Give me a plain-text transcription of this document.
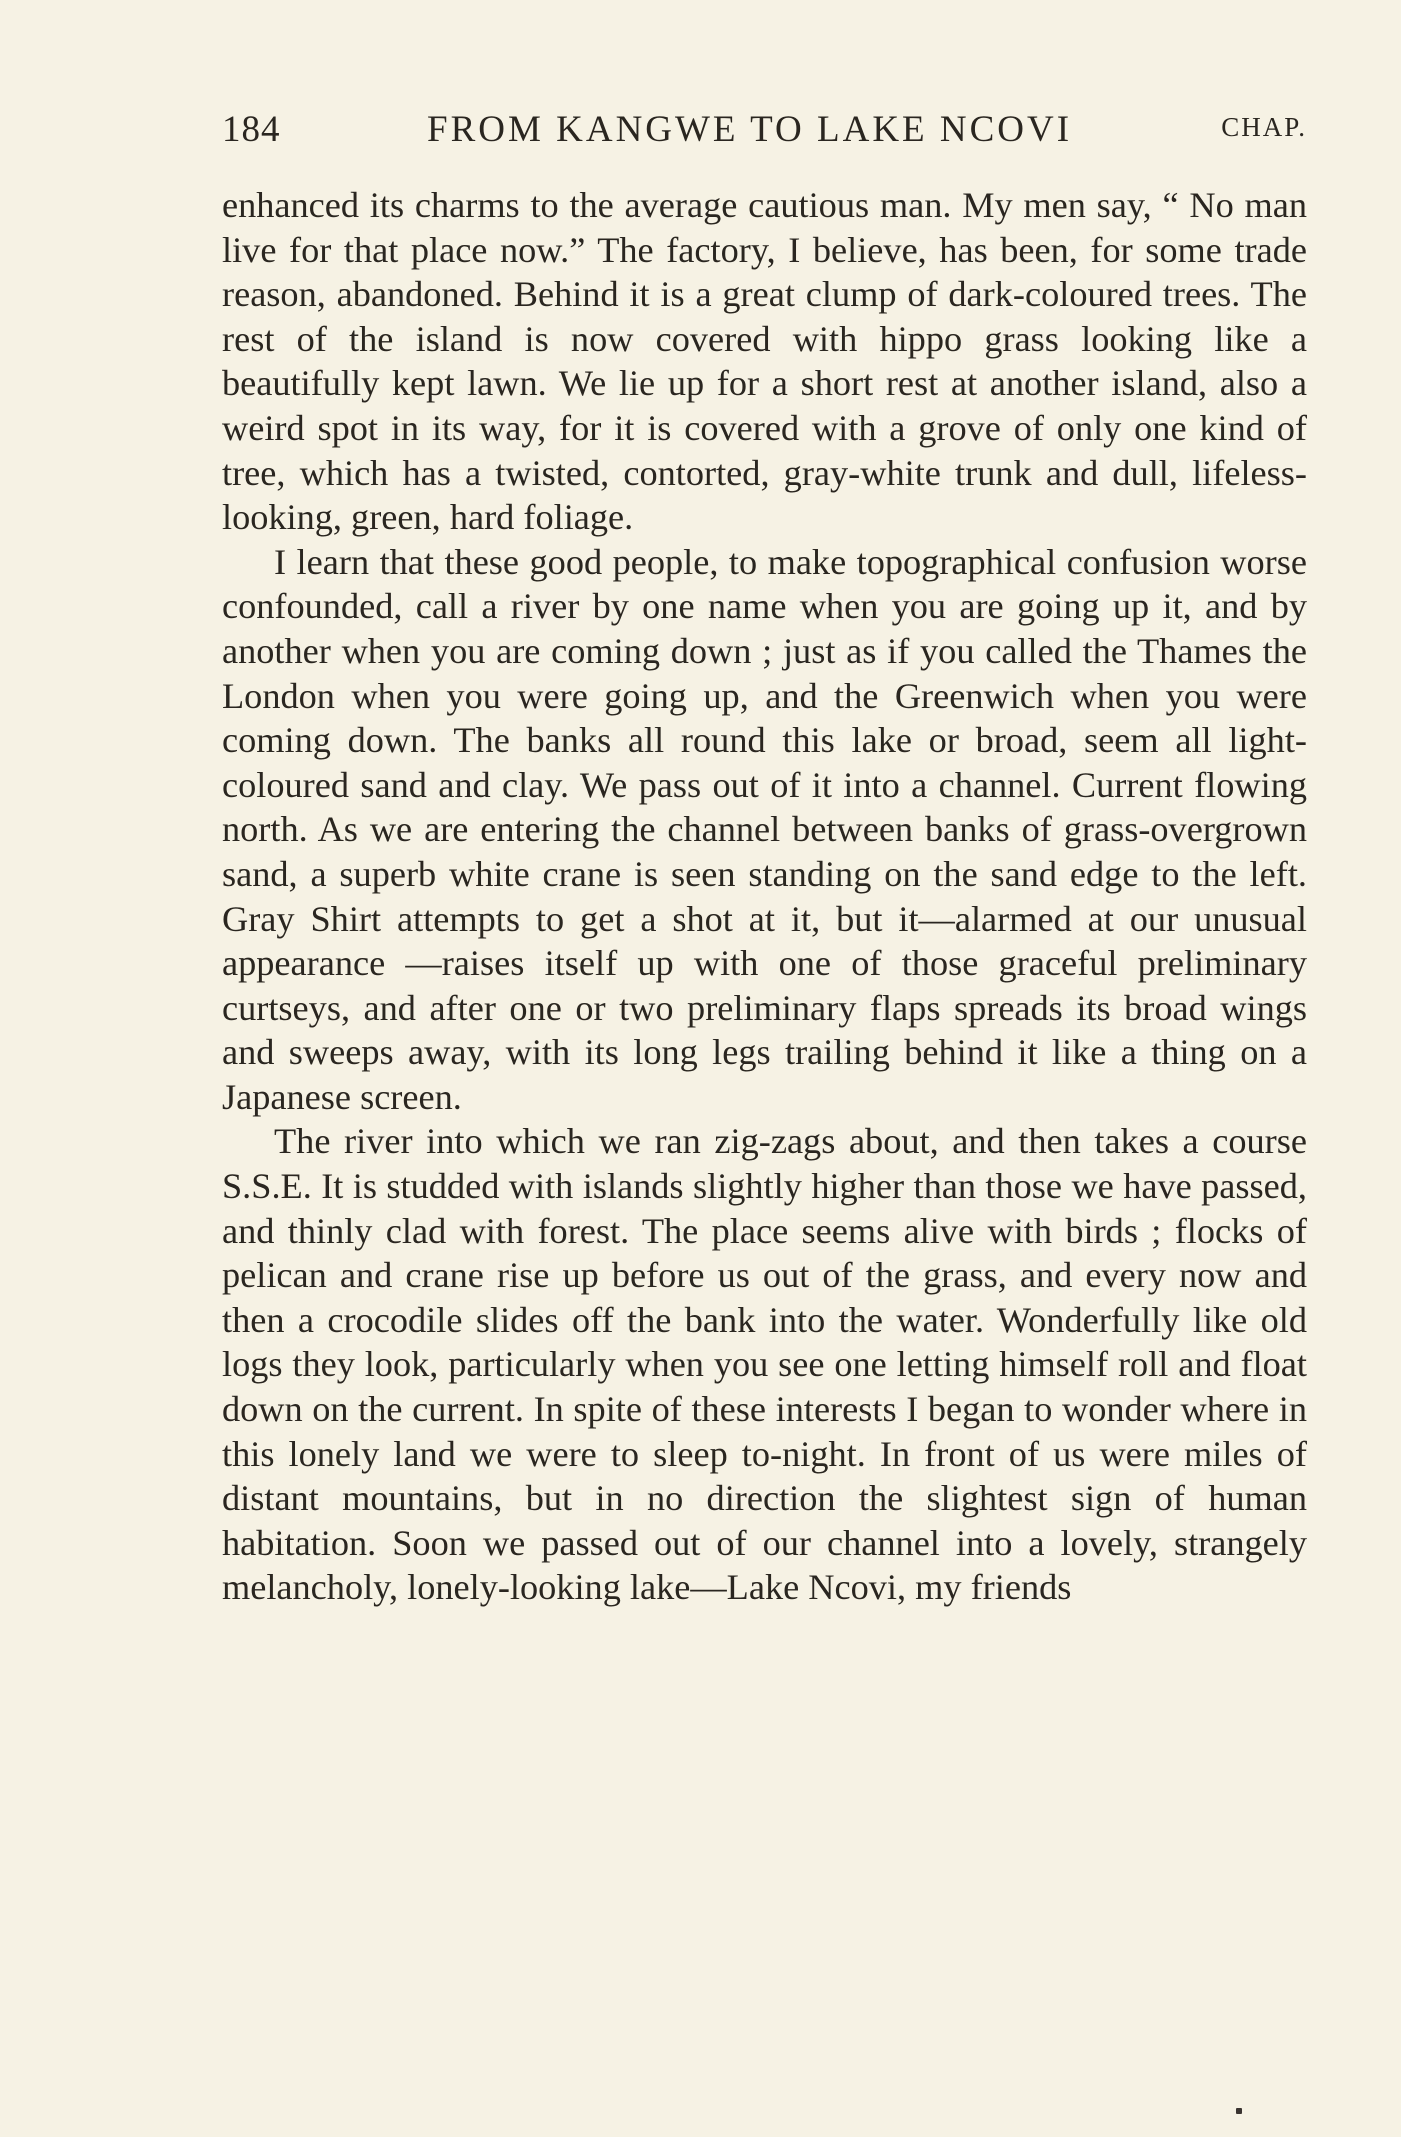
184	FROM KANGWE TO LAKE NCOVI	CHAP.

enhanced its charms to the average cautious man. My men say, “ No man live for that place now.” The factory, I believe, has been, for some trade reason, abandoned. Behind it is a great clump of dark-coloured trees. The rest of the island is now covered with hippo grass looking like a beautifully kept lawn. We lie up for a short rest at another island, also a weird spot in its way, for it is covered with a grove of only one kind of tree, which has a twisted, contorted, gray-white trunk and dull, lifeless-looking, green, hard foliage.

I learn that these good people, to make topographical confusion worse confounded, call a river by one name when you are going up it, and by another when you are coming down ; just as if you called the Thames the London when you were going up, and the Greenwich when you were coming down. The banks all round this lake or broad, seem all light-coloured sand and clay. We pass out of it into a channel. Current flowing north. As we are entering the channel between banks of grass-overgrown sand, a superb white crane is seen standing on the sand edge to the left. Gray Shirt attempts to get a shot at it, but it—alarmed at our unusual appearance —raises itself up with one of those graceful preliminary curtseys, and after one or two preliminary flaps spreads its broad wings and sweeps away, with its long legs trailing behind it like a thing on a Japanese screen.

The river into which we ran zig-zags about, and then takes a course S.S.E. It is studded with islands slightly higher than those we have passed, and thinly clad with forest. The place seems alive with birds ; flocks of pelican and crane rise up before us out of the grass, and every now and then a crocodile slides off the bank into the water. Wonderfully like old logs they look, particularly when you see one letting himself roll and float down on the current. In spite of these interests I began to wonder where in this lonely land we were to sleep to-night. In front of us were miles of distant mountains, but in no direction the slightest sign of human habitation. Soon we passed out of our channel into a lovely, strangely melancholy, lonely-looking lake—Lake Ncovi, my friends
